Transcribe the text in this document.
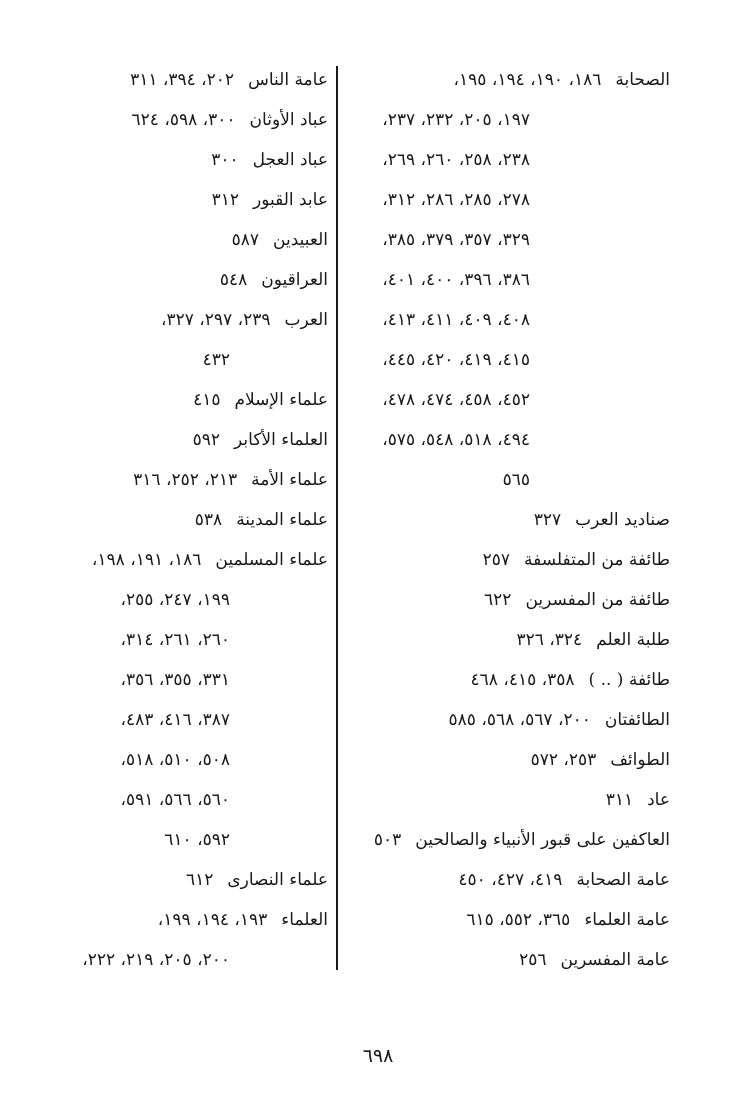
الصحابة
١٨٦، ١٩٠، ١٩٤، ١٩٥،
١٩٧، ٢٠٥، ٢٣٢، ٢٣٧،
٢٣٨، ٢٥٨، ٢٦٠، ٢٦٩،
٢٧٨، ٢٨٥، ٢٨٦، ٣١٢،
٣٢٩، ٣٥٧، ٣٧٩، ٣٨٥،
٣٨٦، ٣٩٦، ٤٠٠، ٤٠١،
٤٠٨، ٤٠٩، ٤١١، ٤١٣،
٤١٥، ٤١٩، ٤٢٠، ٤٤٥،
٤٥٢، ٤٥٨، ٤٧٤، ٤٧٨،
٤٩٤، ٥١٨، ٥٤٨، ٥٧٥،
٥٦٥
صناديد العرب
٣٢٧
طائفة من المتفلسفة
٢٥٧
طائفة من المفسرين
٦٢٢
طلبة العلم
٣٢٤، ٣٢٦
طائفة ( .. )
٣٥٨، ٤١٥، ٤٦٨
الطائفتان
٢٠٠، ٥٦٧، ٥٦٨، ٥٨٥
الطوائف
٢٥٣، ٥٧٢
عاد
٣١١
العاكفين على قبور الأنبياء والصالحين
٥٠٣
عامة الصحابة
٤١٩، ٤٢٧، ٤٥٠
عامة العلماء
٣٦٥، ٥٥٢، ٦١٥
عامة المفسرين
٢٥٦
عامة الناس
٢٠٢، ٣٩٤، ٣١١
عباد الأوثان
٣٠٠، ٥٩٨، ٦٢٤
عباد العجل
٣٠٠
عابد القبور
٣١٢
العبيدين
٥٨٧
العراقيون
٥٤٨
العرب
٢٣٩، ٢٩٧، ٣٢٧،
٤٣٢
علماء الإسلام
٤١٥
العلماء الأكابر
٥٩٢
علماء الأمة
٢١٣، ٢٥٢، ٣١٦
علماء المدينة
٥٣٨
علماء المسلمين
١٨٦، ١٩١، ١٩٨،
١٩٩، ٢٤٧، ٢٥٥،
٢٦٠، ٢٦١، ٣١٤،
٣٣١، ٣٥٥، ٣٥٦،
٣٨٧، ٤١٦، ٤٨٣،
٥٠٨، ٥١٠، ٥١٨،
٥٦٠، ٥٦٦، ٥٩١،
٥٩٢، ٦١٠
علماء النصارى
٦١٢
العلماء
١٩٣، ١٩٤، ١٩٩،
٢٠٠، ٢٠٥، ٢١٩، ٢٢٢،
٦٩٨
